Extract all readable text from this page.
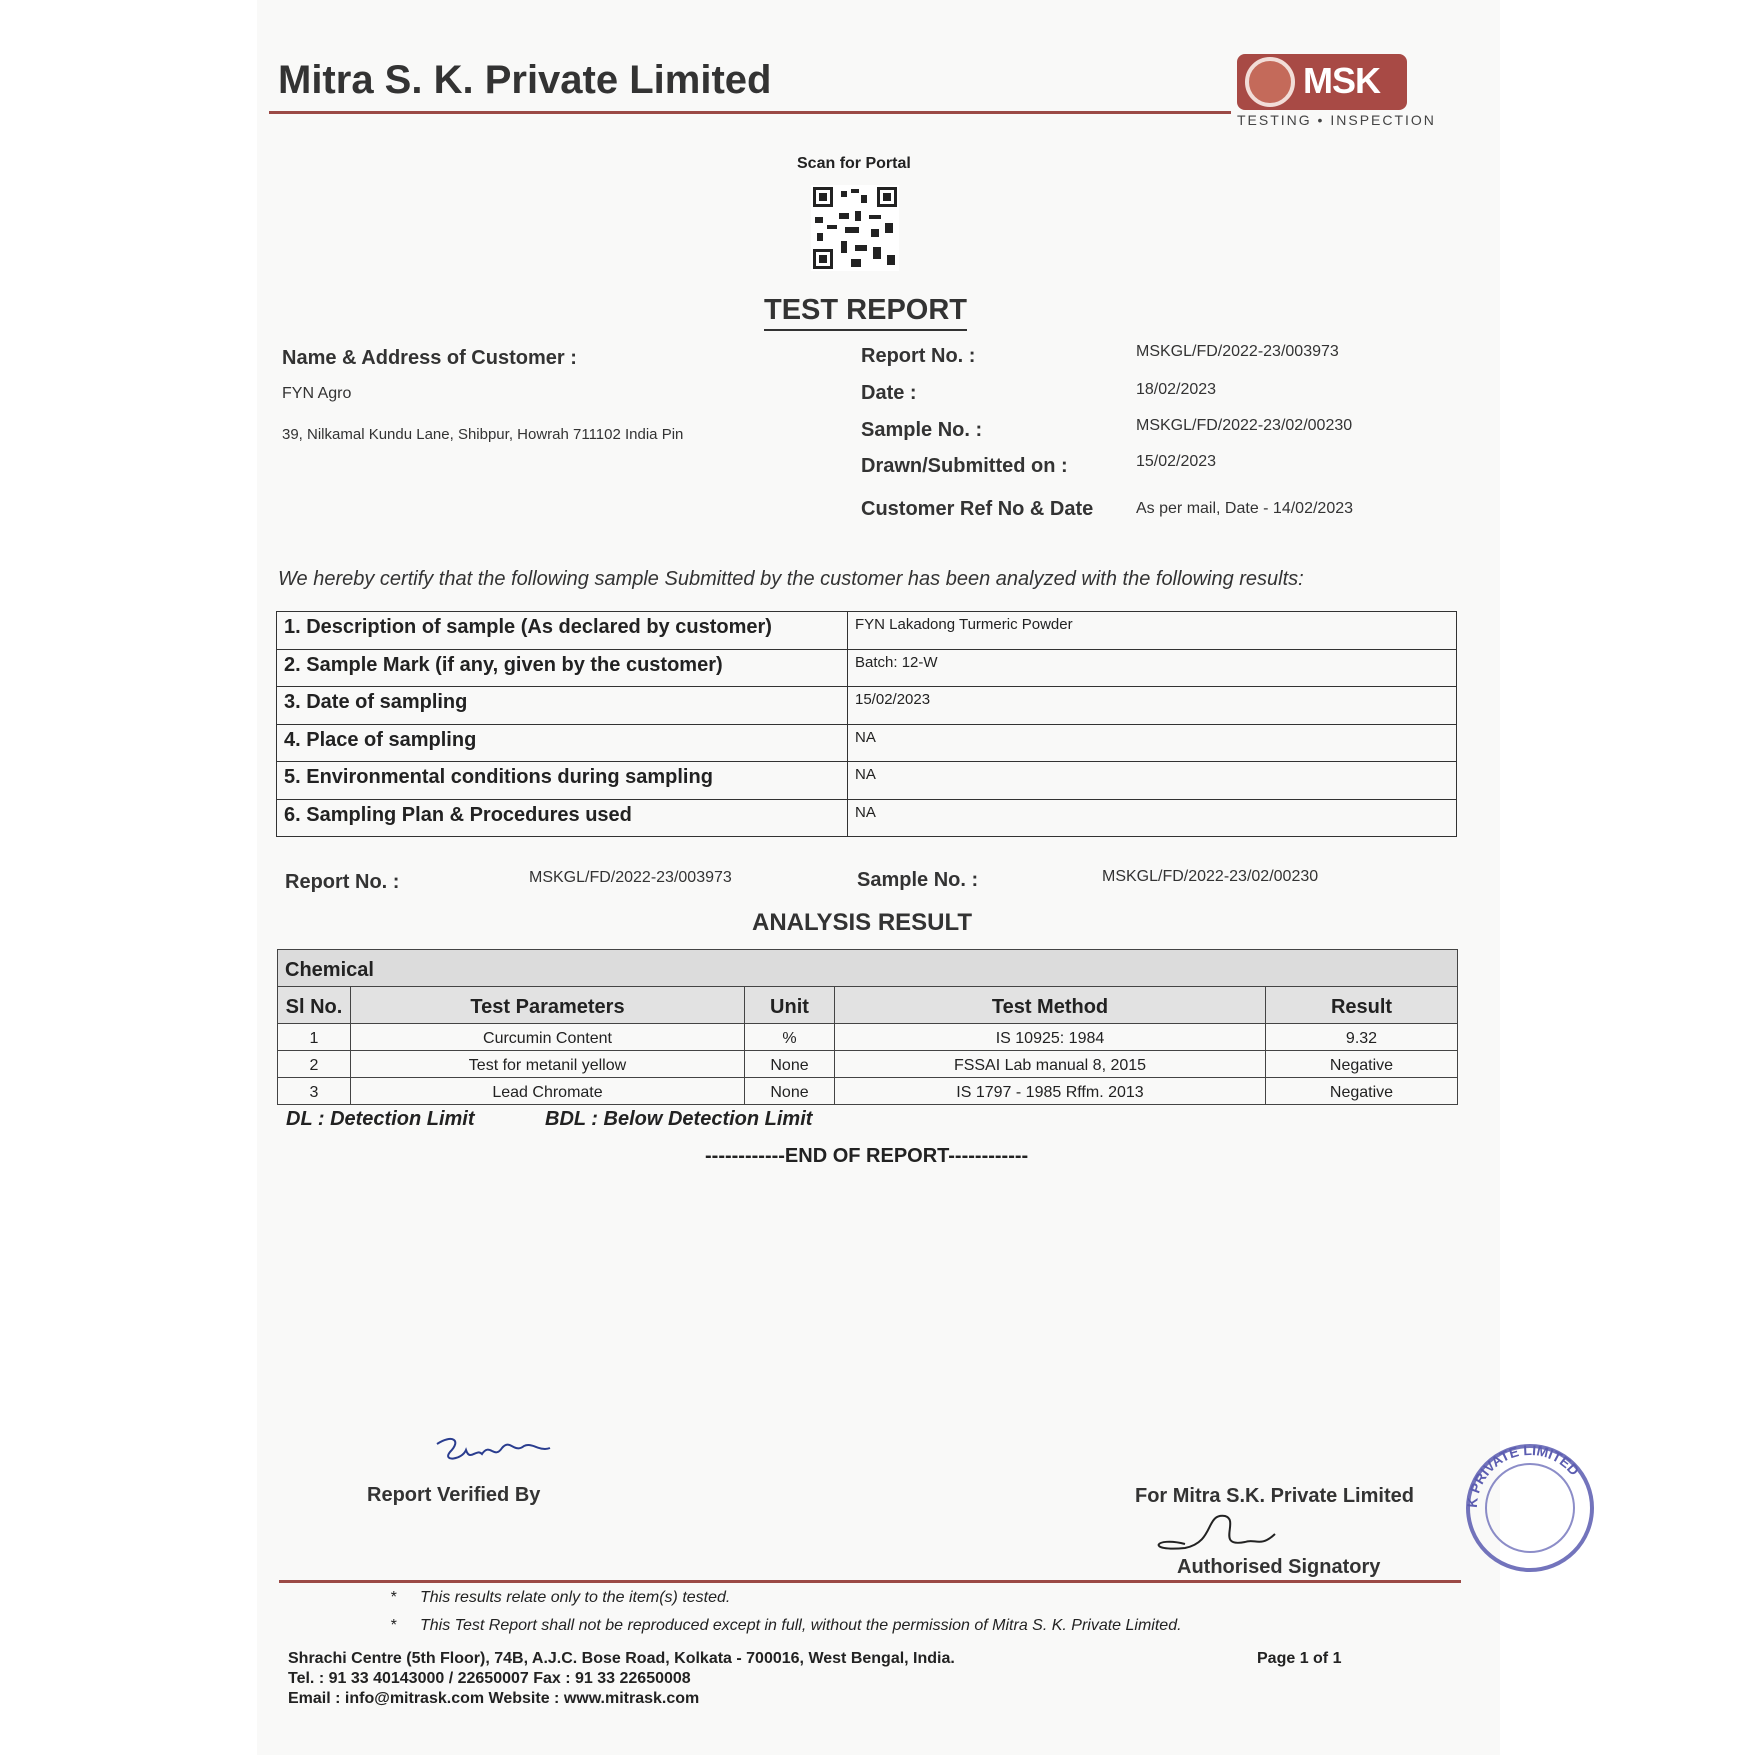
Mitra S. K. Private Limited	MSK
TESTING • INSPECTION
Scan for Portal
TEST REPORT
Name & Address of Customer :
FYN Agro
39, Nilkamal Kundu Lane, Shibpur, Howrah 711102 India Pin
Report No. :	MSKGL/FD/2022-23/003973
Date :	18/02/2023
Sample No. :	MSKGL/FD/2022-23/02/00230
Drawn/Submitted on :	15/02/2023
Customer Ref No & Date	As per mail, Date - 14/02/2023
We hereby certify that the following sample Submitted by the customer has been analyzed with the following results:
1. Description of sample (As declared by customer)	FYN Lakadong Turmeric Powder
2. Sample Mark (if any, given by the customer)	Batch: 12-W
3. Date of sampling	15/02/2023
4. Place of sampling	NA
5. Environmental conditions during sampling	NA
6. Sampling Plan & Procedures used	NA
Report No. :	MSKGL/FD/2022-23/003973	Sample No. :	MSKGL/FD/2022-23/02/00230
ANALYSIS RESULT
Chemical				
Sl No.	Test Parameters	Unit	Test Method	Result
1	Curcumin Content	%	IS 10925: 1984	9.32
2	Test for metanil yellow	None	FSSAI Lab manual 8, 2015	Negative
3	Lead Chromate	None	IS 1797 - 1985 Rffm. 2013	Negative
DL : Detection Limit	BDL : Below Detection Limit
------------END OF REPORT------------
Report Verified By	K PRIVATE LIMITED
For Mitra S.K. Private Limited
Authorised Signatory
* This results relate only to the item(s) tested.
* This Test Report shall not be reproduced except in full, without the permission of Mitra S. K. Private Limited.
Shrachi Centre (5th Floor), 74B, A.J.C. Bose Road, Kolkata - 700016, West Bengal, India.
Tel. : 91 33 40143000 / 22650007 Fax : 91 33 22650008
Email : info@mitrask.com Website : www.mitrask.com
Page 1 of 1
